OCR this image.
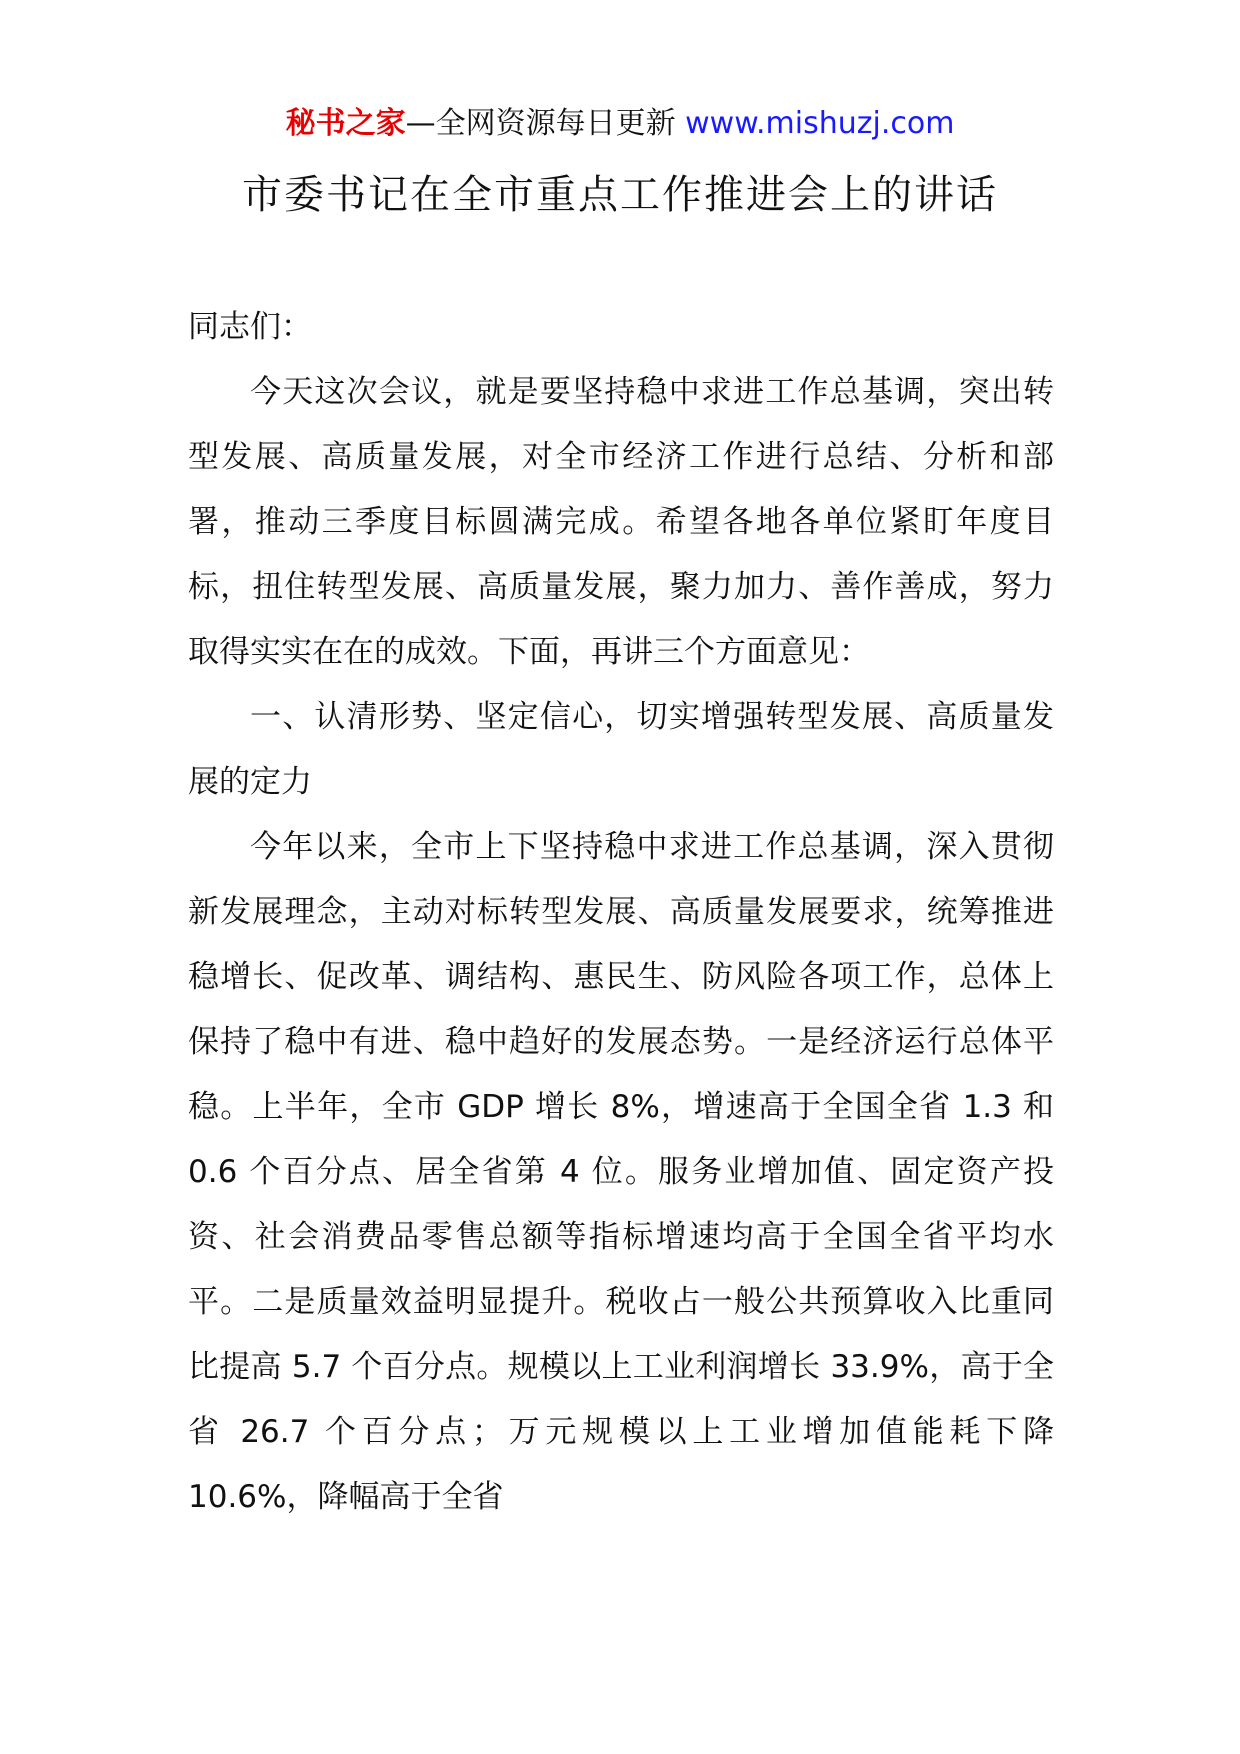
秘书之家—全网资源每日更新 www.mishuzj.com
市委书记在全市重点工作推进会上的讲话

同志们：

今天这次会议，就是要坚持稳中求进工作总基调，突出转型发展、高质量发展，对全市经济工作进行总结、分析和部署，推动三季度目标圆满完成。希望各地各单位紧盯年度目标，扭住转型发展、高质量发展，聚力加力、善作善成，努力取得实实在在的成效。下面，再讲三个方面意见：

一、认清形势、坚定信心，切实增强转型发展、高质量发展的定力

今年以来，全市上下坚持稳中求进工作总基调，深入贯彻新发展理念，主动对标转型发展、高质量发展要求，统筹推进稳增长、促改革、调结构、惠民生、防风险各项工作，总体上保持了稳中有进、稳中趋好的发展态势。一是经济运行总体平稳。上半年，全市 GDP 增长 8%，增速高于全国全省 1.3 和 0.6 个百分点、居全省第 4 位。服务业增加值、固定资产投资、社会消费品零售总额等指标增速均高于全国全省平均水平。二是质量效益明显提升。税收占一般公共预算收入比重同比提高 5.7 个百分点。规模以上工业利润增长 33.9%，高于全省 26.7 个百分点；万元规模以上工业增加值能耗下降 10.6%，降幅高于全省
